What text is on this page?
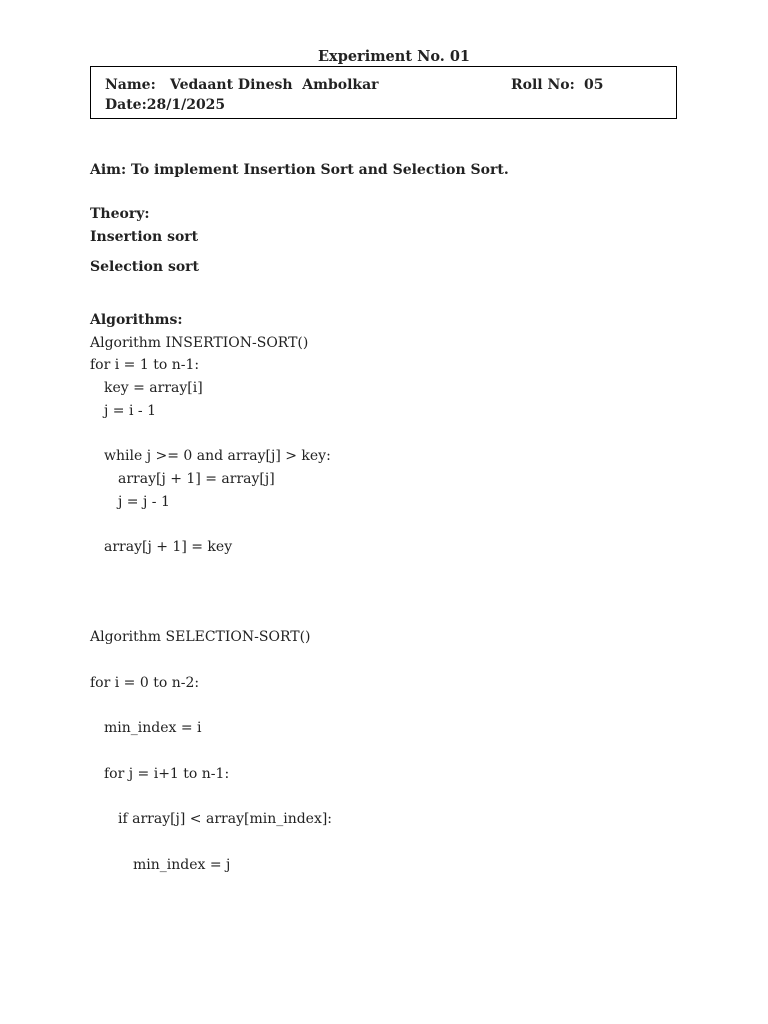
Experiment No. 01
Name: Vedaant Dinesh  Ambolkar	Roll No: 05
Date:28/1/2025
Aim: To implement Insertion Sort and Selection Sort.
Theory:
Insertion sort
Selection sort
Algorithms:
Algorithm INSERTION-SORT()
for i = 1 to n-1:
key = array[i]
j = i - 1
while j >= 0 and array[j] > key:
array[j + 1] = array[j]
j = j - 1
array[j + 1] = key
Algorithm SELECTION-SORT()
for i = 0 to n-2:
min_index = i
for j = i+1 to n-1:
if array[j] < array[min_index]:
min_index = j
